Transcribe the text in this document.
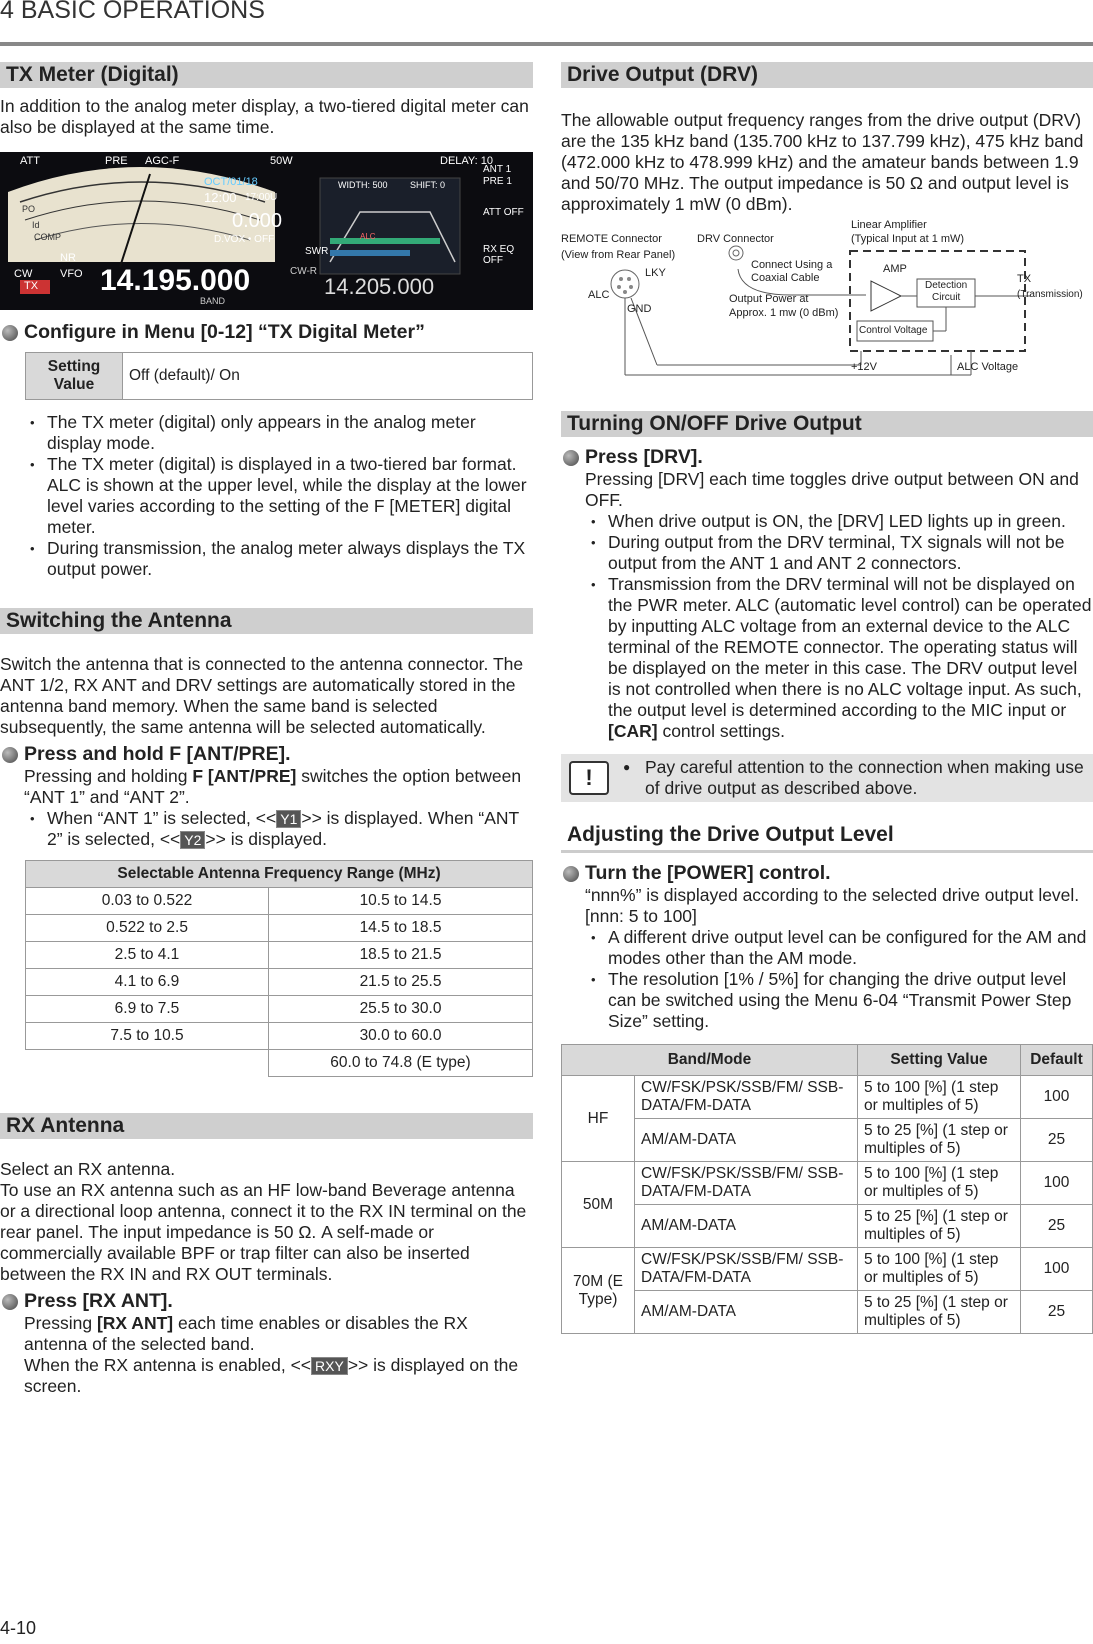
4 BASIC OPERATIONS
TX Meter (Digital)

In addition to the analog meter display, a two-tiered digital meter can also be displayed at the same time.

ATT	PRE AGC-F	50W	DELAY: 10
ANT 1
PRE 1
ATT OFF
RX EQ OFF
OCT/01/18
12:00 17:00U
0.000
D.VOX • OFF
WIDTH: 500 SHIFT: 0
SWR
ALC
COMP
PO
Id
NR
CW	VFO
TX 14.195.000	14.205.000
CW-R
BAND
Configure in Menu [0-12] “TX Digital Meter”
Setting Value	Off (default)/ On
• The TX meter (digital) only appears in the analog meter display mode.
• The TX meter (digital) is displayed in a two-tiered bar format. ALC is shown at the upper level, while the display at the lower level varies according to the setting of the F [METER] digital meter.
• During transmission, the analog meter always displays the TX output power.
Switching the Antenna

Switch the antenna that is connected to the antenna connector. The ANT 1/2, RX ANT and DRV settings are automatically stored in the antenna band memory. When the same band is selected subsequently, the same antenna will be selected automatically.

Press and hold F [ANT/PRE].

Pressing and holding F [ANT/PRE] switches the option between “ANT 1” and “ANT 2”.

• When “ANT 1” is selected, << Y1 >> is displayed. When “ANT 2” is selected, << Y2 >> is displayed.
Selectable Antenna Frequency Range (MHz)	
0.03 to 0.522	10.5 to 14.5
0.522 to 2.5	14.5 to 18.5
2.5 to 4.1	18.5 to 21.5
4.1 to 6.9	21.5 to 25.5
6.9 to 7.5	25.5 to 30.0
7.5 to 10.5	30.0 to 60.0
	60.0 to 74.8 (E type)
RX Antenna

Select an RX antenna.

To use an RX antenna such as an HF low-band Beverage antenna or a directional loop antenna, connect it to the RX IN terminal on the rear panel. The input impedance is 50 Ω. A self-made or commercially available BPF or trap filter can also be inserted between the RX IN and RX OUT terminals.

Press [RX ANT].

Pressing [RX ANT] each time enables or disables the RX antenna of the selected band.

When the RX antenna is enabled, << RXY >> is displayed on the screen.

Drive Output (DRV)

The allowable output frequency ranges from the drive output (DRV) are the 135 kHz band (135.700 kHz to 137.799 kHz), 475 kHz band (472.000 kHz to 478.999 kHz) and the amateur bands between 1.9 and 50/70 MHz. The output impedance is 50 Ω and output level is approximately 1 mW (0 dBm).

REMOTE Connector
(View from Rear Panel)
DRV Connector
Linear Amplifier
(Typical Input at 1 mW)
Connect Using a
Coaxial Cable
Output Power at
Approx. 1 mw (0 dBm)
AMP
Detection
Circuit
Control Voltage
TX
(Transmission)
ALC
LKY
GND
+12V	ALC Voltage
Turning ON/OFF Drive Output
Press [DRV].

Pressing [DRV] each time toggles drive output between ON and OFF.

• When drive output is ON, the [DRV] LED lights up in green.
• During output from the DRV terminal, TX signals will not be output from the ANT 1 and ANT 2 connectors.
• Transmission from the DRV terminal will not be displayed on the PWR meter. ALC (automatic level control) can be operated by inputting ALC voltage from an external device to the ALC terminal of the REMOTE connector. The operating status will be displayed on the meter in this case. The DRV output level is not controlled when there is no ALC voltage input. As such, the output level is determined according to the MIC input or [CAR] control settings.
!	● Pay careful attention to the connection when making use of drive output as described above.

Adjusting the Drive Output Level
Turn the [POWER] control.

“nnn%” is displayed according to the selected drive output level. [nnn: 5 to 100]

• A different drive output level can be configured for the AM and modes other than the AM mode.
• The resolution [1% / 5%] for changing the drive output level can be switched using the Menu 6-04 “Transmit Power Step Size” setting.
Band/Mode		Setting Value	Default
HF	CW/FSK/PSK/SSB/FM/ SSB-DATA/FM-DATA	5 to 100 [%] (1 step or multiples of 5)	100
	AM/AM-DATA	5 to 25 [%] (1 step or multiples of 5)	25
50M	CW/FSK/PSK/SSB/FM/ SSB-DATA/FM-DATA	5 to 100 [%] (1 step or multiples of 5)	100
	AM/AM-DATA	5 to 25 [%] (1 step or multiples of 5)	25
70M (E Type)	CW/FSK/PSK/SSB/FM/ SSB-DATA/FM-DATA	5 to 100 [%] (1 step or multiples of 5)	100
	AM/AM-DATA	5 to 25 [%] (1 step or multiples of 5)	25
4-10
